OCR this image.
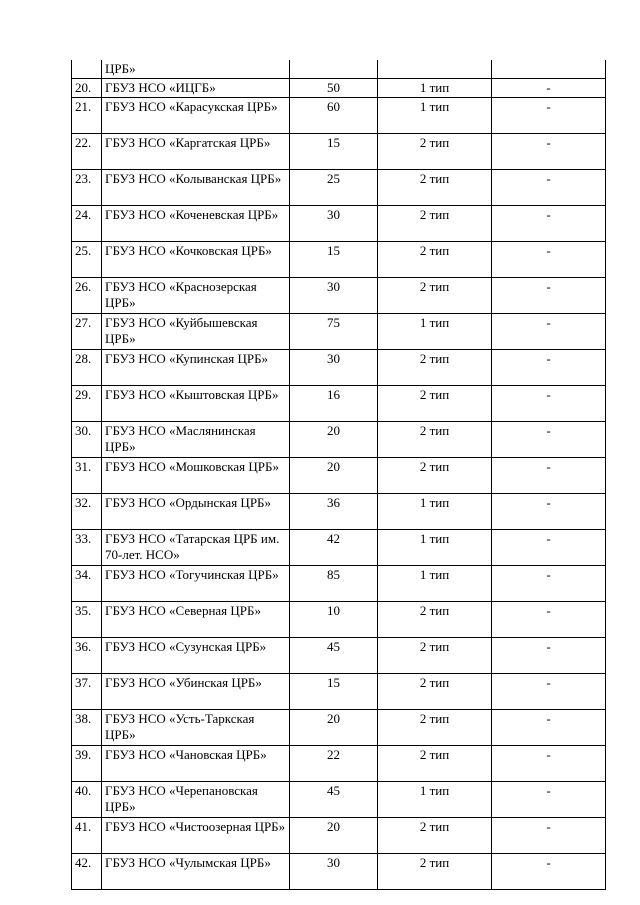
	ЦРБ»			
20.	ГБУЗ НСО «ИЦГБ»	50	1 тип	-
21.	ГБУЗ НСО «Карасукская ЦРБ»	60	1 тип	-
22.	ГБУЗ НСО «Каргатская ЦРБ»	15	2 тип	-
23.	ГБУЗ НСО «Колыванская ЦРБ»	25	2 тип	-
24.	ГБУЗ НСО «Коченевская ЦРБ»	30	2 тип	-
25.	ГБУЗ НСО «Кочковская ЦРБ»	15	2 тип	-
26.	ГБУЗ НСО «Краснозерская ЦРБ»	30	2 тип	-
27.	ГБУЗ НСО «Куйбышевская ЦРБ»	75	1 тип	-
28.	ГБУЗ НСО «Купинская ЦРБ»	30	2 тип	-
29.	ГБУЗ НСО «Кыштовская ЦРБ»	16	2 тип	-
30.	ГБУЗ НСО «Маслянинская ЦРБ»	20	2 тип	-
31.	ГБУЗ НСО «Мошковская ЦРБ»	20	2 тип	-
32.	ГБУЗ НСО «Ордынская ЦРБ»	36	1 тип	-
33.	ГБУЗ НСО «Татарская ЦРБ им. 70-лет. НСО»	42	1 тип	-
34.	ГБУЗ НСО «Тогучинская ЦРБ»	85	1 тип	-
35.	ГБУЗ НСО «Северная ЦРБ»	10	2 тип	-
36.	ГБУЗ НСО «Сузунская ЦРБ»	45	2 тип	-
37.	ГБУЗ НСО «Убинская ЦРБ»	15	2 тип	-
38.	ГБУЗ НСО «Усть-Таркская ЦРБ»	20	2 тип	-
39.	ГБУЗ НСО «Чановская ЦРБ»	22	2 тип	-
40.	ГБУЗ НСО «Черепановская ЦРБ»	45	1 тип	-
41.	ГБУЗ НСО «Чистоозерная ЦРБ»	20	2 тип	-
42.	ГБУЗ НСО «Чулымская ЦРБ»	30	2 тип	-
